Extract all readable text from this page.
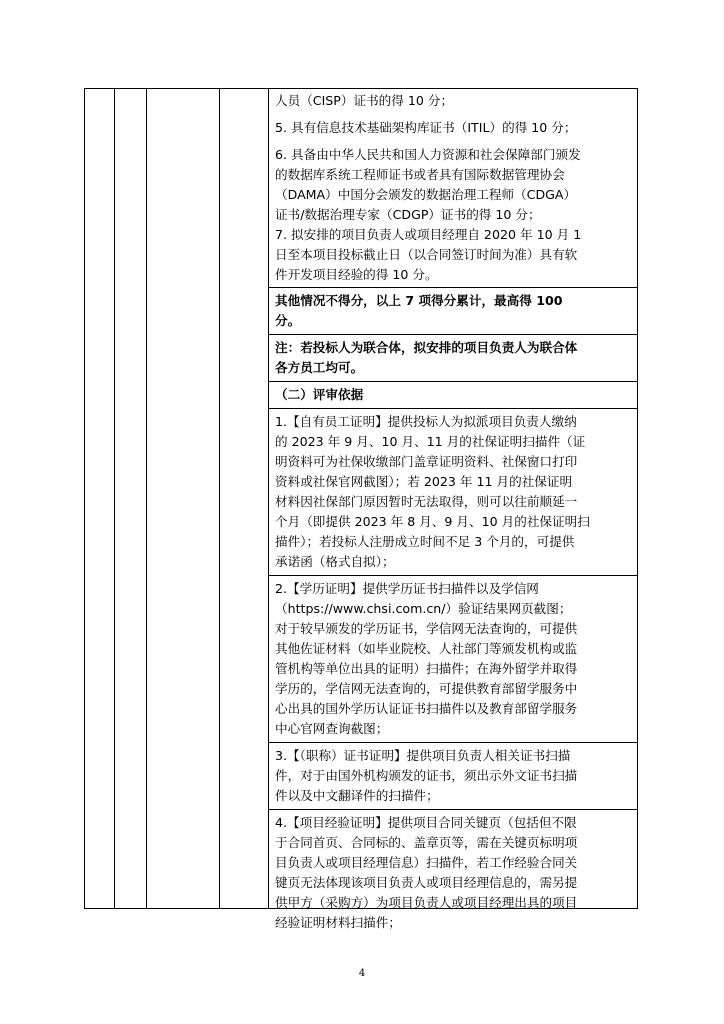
人员（CISP）证书的得 10 分；
5. 具有信息技术基础架构库证书（ITIL）的得 10 分；
6. 具备由中华人民共和国人力资源和社会保障部门颁发
的数据库系统工程师证书或者具有国际数据管理协会
（DAMA）中国分会颁发的数据治理工程师（CDGA）
证书/数据治理专家（CDGP）证书的得 10 分；
7. 拟安排的项目负责人或项目经理自 2020 年 10 月 1
日至本项目投标截止日（以合同签订时间为准）具有软
件开发项目经验的得 10 分。
其他情况不得分，以上 7 项得分累计，最高得 100
分。
注：若投标人为联合体，拟安排的项目负责人为联合体
各方员工均可。
（二）评审依据
1.【自有员工证明】提供投标人为拟派项目负责人缴纳
的 2023 年 9 月、10 月、11 月的社保证明扫描件（证
明资料可为社保收缴部门盖章证明资料、社保窗口打印
资料或社保官网截图）；若 2023 年 11 月的社保证明
材料因社保部门原因暂时无法取得，则可以往前顺延一
个月（即提供 2023 年 8 月、9 月、10 月的社保证明扫
描件）；若投标人注册成立时间不足 3 个月的，可提供
承诺函（格式自拟）；
2.【学历证明】提供学历证书扫描件以及学信网
（https://www.chsi.com.cn/）验证结果网页截图；
对于较早颁发的学历证书，学信网无法查询的，可提供
其他佐证材料（如毕业院校、人社部门等颁发机构或监
管机构等单位出具的证明）扫描件；在海外留学并取得
学历的，学信网无法查询的，可提供教育部留学服务中
心出具的国外学历认证证书扫描件以及教育部留学服务
中心官网查询截图；
3.【（职称）证书证明】提供项目负责人相关证书扫描
件，对于由国外机构颁发的证书，须出示外文证书扫描
件以及中文翻译件的扫描件；
4.【项目经验证明】提供项目合同关键页（包括但不限
于合同首页、合同标的、盖章页等，需在关键页标明项
目负责人或项目经理信息）扫描件，若工作经验合同关
键页无法体现该项目负责人或项目经理信息的，需另提
供甲方（采购方）为项目负责人或项目经理出具的项目
经验证明材料扫描件；
4
